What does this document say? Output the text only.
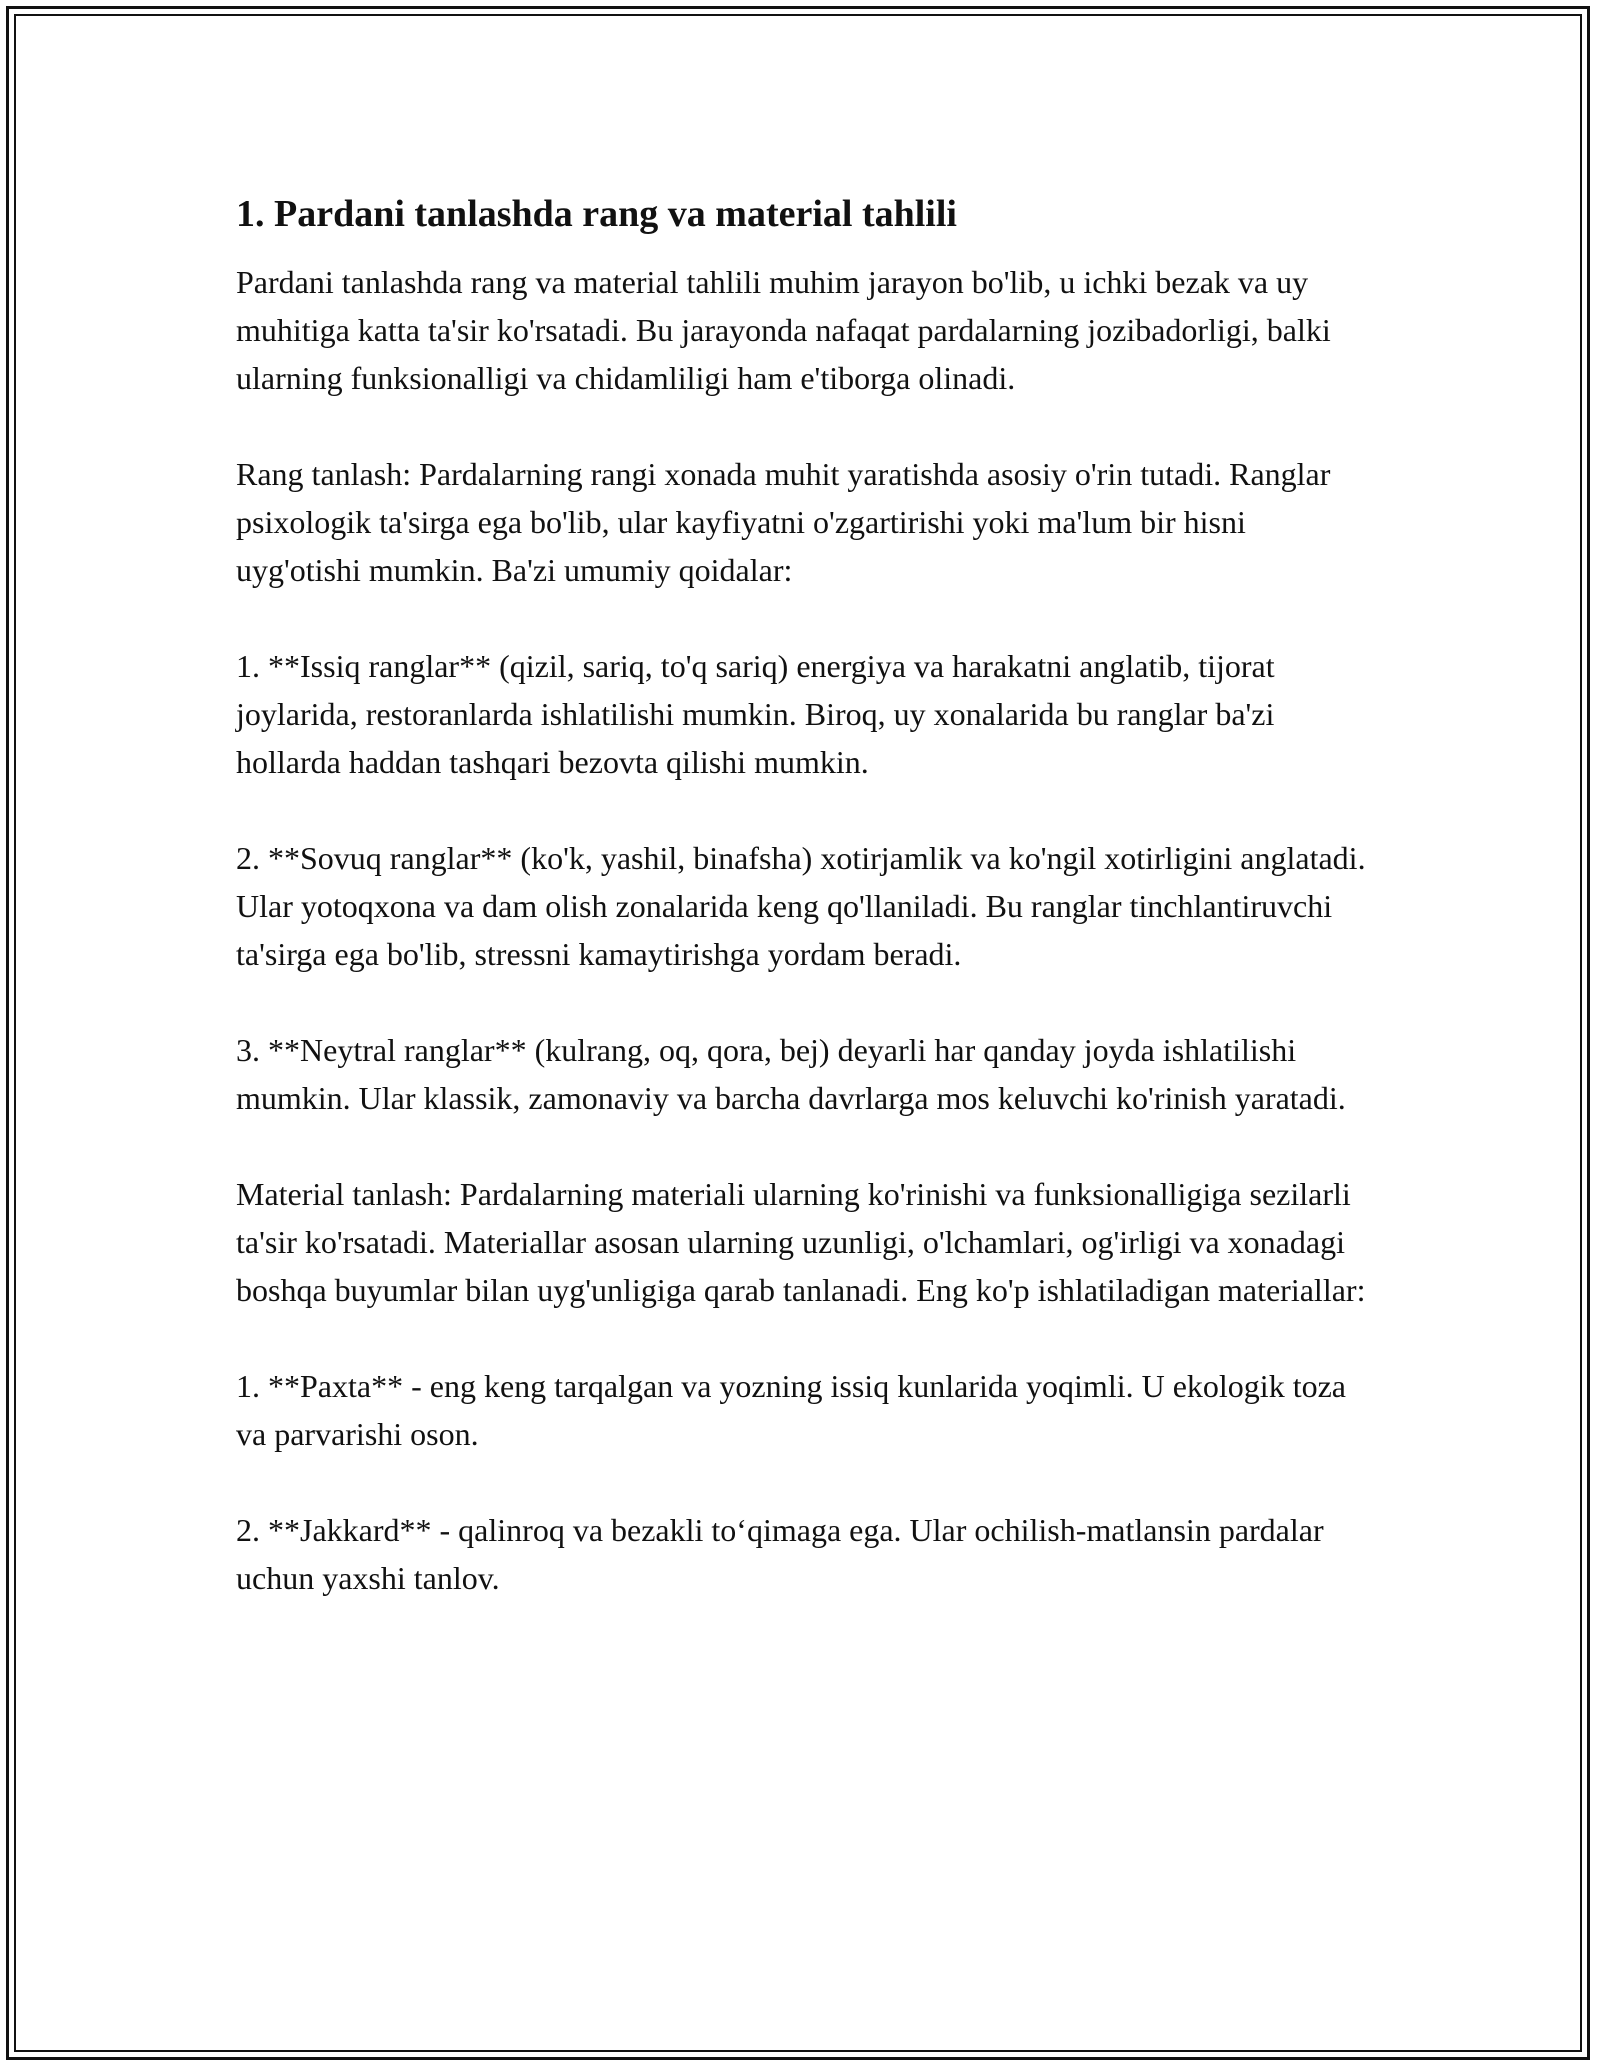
1. Pardani tanlashda rang va material tahlili

Pardani tanlashda rang va material tahlili muhim jarayon bo'lib, u ichki bezak va uy muhitiga katta ta'sir ko'rsatadi. Bu jarayonda nafaqat pardalarning jozibadorligi, balki ularning funksionalligi va chidamliligi ham e'tiborga olinadi.

Rang tanlash: Pardalarning rangi xonada muhit yaratishda asosiy o'rin tutadi. Ranglar psixologik ta'sirga ega bo'lib, ular kayfiyatni o'zgartirishi yoki ma'lum bir hisni uyg'otishi mumkin. Ba'zi umumiy qoidalar:

1. **Issiq ranglar** (qizil, sariq, to'q sariq) energiya va harakatni anglatib, tijorat joylarida, restoranlarda ishlatilishi mumkin. Biroq, uy xonalarida bu ranglar ba'zi hollarda haddan tashqari bezovta qilishi mumkin.

2. **Sovuq ranglar** (ko'k, yashil, binafsha) xotirjamlik va ko'ngil xotirligini anglatadi. Ular yotoqxona va dam olish zonalarida keng qo'llaniladi. Bu ranglar tinchlantiruvchi ta'sirga ega bo'lib, stressni kamaytirishga yordam beradi.

3. **Neytral ranglar** (kulrang, oq, qora, bej) deyarli har qanday joyda ishlatilishi mumkin. Ular klassik, zamonaviy va barcha davrlarga mos keluvchi ko'rinish yaratadi.

Material tanlash: Pardalarning materiali ularning ko'rinishi va funksionalligiga sezilarli ta'sir ko'rsatadi. Materiallar asosan ularning uzunligi, o'lchamlari, og'irligi va xonadagi boshqa buyumlar bilan uyg'unligiga qarab tanlanadi. Eng ko'p ishlatiladigan materiallar:

1. **Paxta** - eng keng tarqalgan va yozning issiq kunlarida yoqimli. U ekologik toza va parvarishi oson.

2. **Jakkard** - qalinroq va bezakli to‘qimaga ega. Ular ochilish-matlansin pardalar uchun yaxshi tanlov.
